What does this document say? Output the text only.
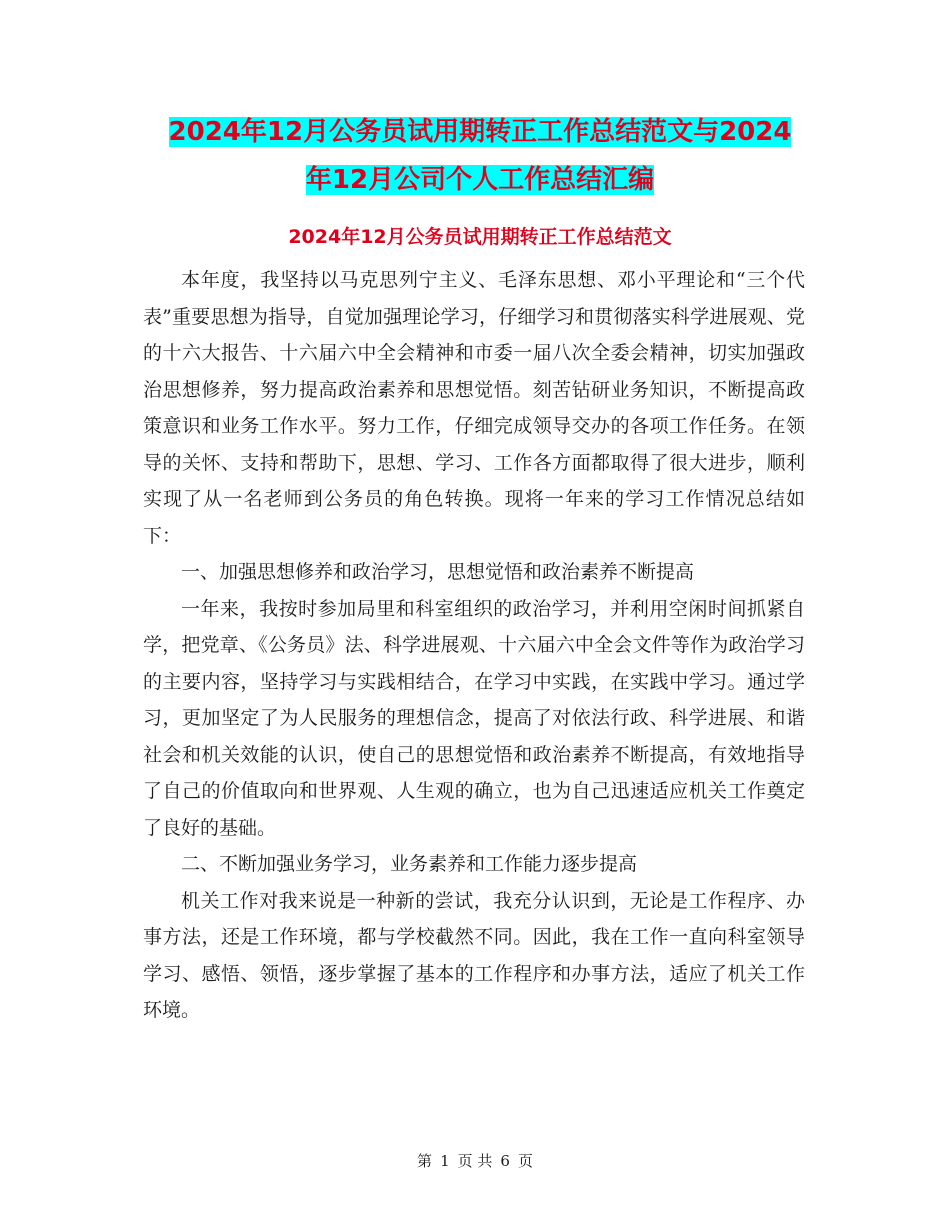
2024年12月公务员试用期转正工作总结范文与2024
年12月公司个人工作总结汇编
2024年12月公务员试用期转正工作总结范文

本年度，我坚持以马克思列宁主义、毛泽东思想、邓小平理论和“三个代表”重要思想为指导，自觉加强理论学习，仔细学习和贯彻落实科学进展观、党的十六大报告、十六届六中全会精神和市委一届八次全委会精神，切实加强政治思想修养，努力提高政治素养和思想觉悟。刻苦钻研业务知识，不断提高政策意识和业务工作水平。努力工作，仔细完成领导交办的各项工作任务。在领导的关怀、支持和帮助下，思想、学习、工作各方面都取得了很大进步，顺利实现了从一名老师到公务员的角色转换。现将一年来的学习工作情况总结如下：

一、加强思想修养和政治学习，思想觉悟和政治素养不断提高

一年来，我按时参加局里和科室组织的政治学习，并利用空闲时间抓紧自学，把党章、《公务员》法、科学进展观、十六届六中全会文件等作为政治学习的主要内容，坚持学习与实践相结合，在学习中实践，在实践中学习。通过学习，更加坚定了为人民服务的理想信念，提高了对依法行政、科学进展、和谐社会和机关效能的认识，使自己的思想觉悟和政治素养不断提高，有效地指导了自己的价值取向和世界观、人生观的确立，也为自己迅速适应机关工作奠定了良好的基础。

二、不断加强业务学习，业务素养和工作能力逐步提高

机关工作对我来说是一种新的尝试，我充分认识到，无论是工作程序、办事方法，还是工作环境，都与学校截然不同。因此，我在工作一直向科室领导学习、感悟、领悟，逐步掌握了基本的工作程序和办事方法，适应了机关工作环境。

第 1 页 共 6 页
